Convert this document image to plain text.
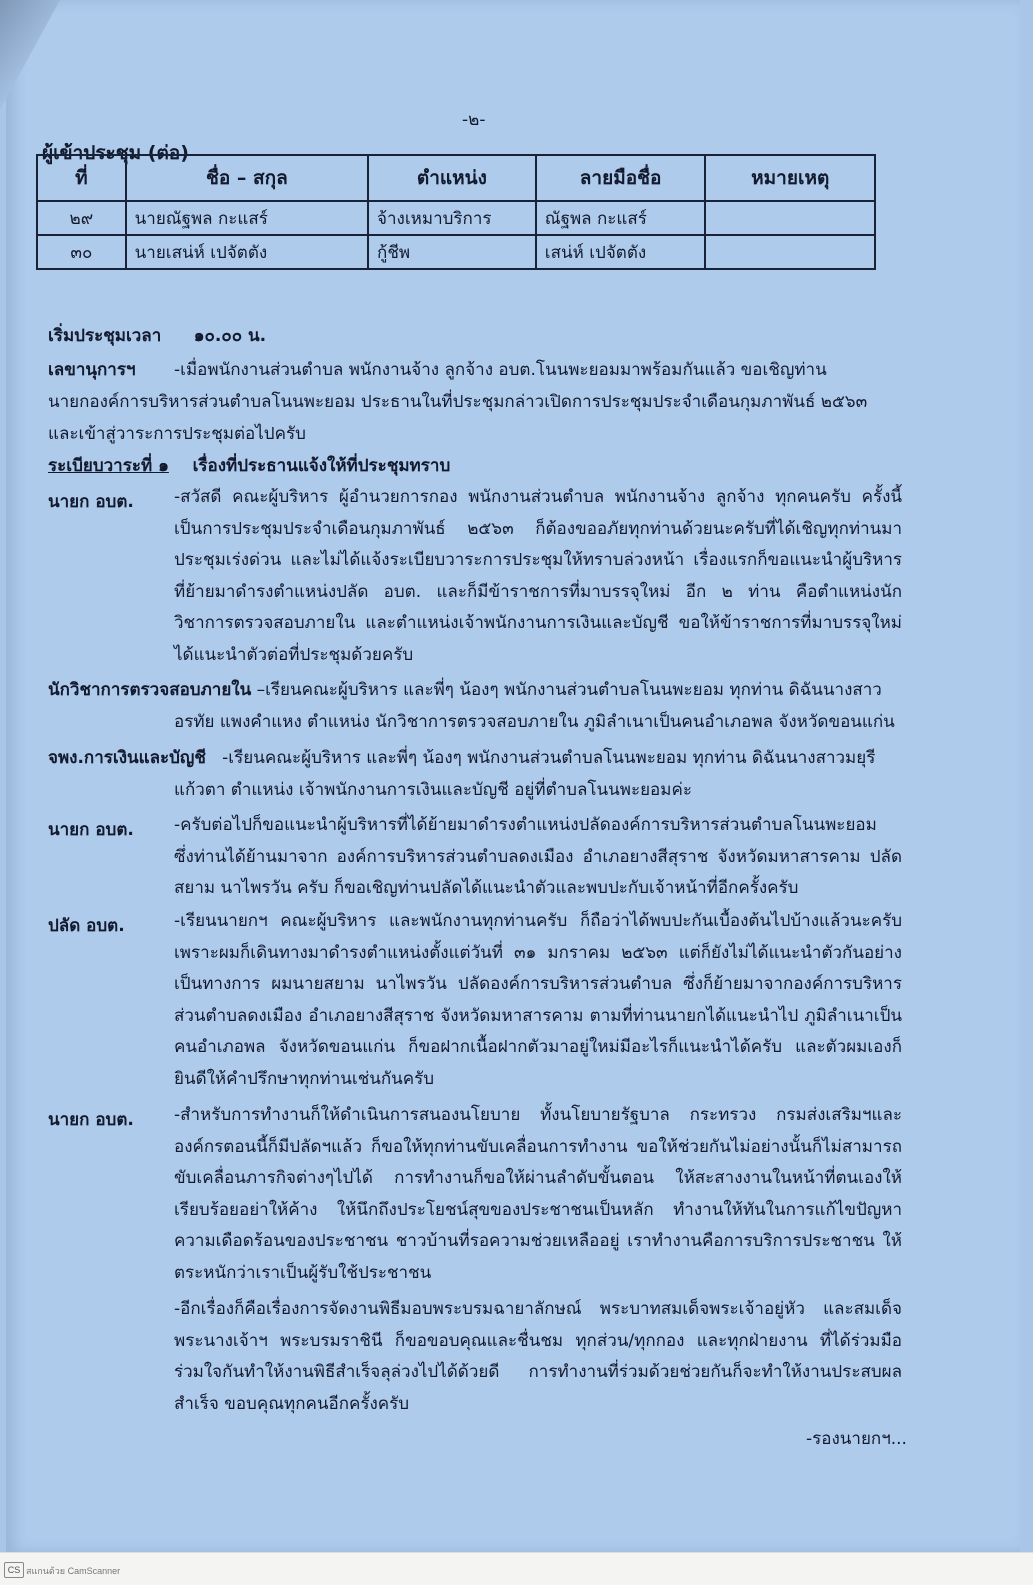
-๒-
ผู้เข้าประชุม (ต่อ)
ที่	ชื่อ – สกุล	ตำแหน่ง	ลายมือชื่อ	หมายเหตุ
๒๙	นายณัฐพล กะแสร์	จ้างเหมาบริการ	ณัฐพล กะแสร์	
๓๐	นายเสน่ห์ เปจัตตัง	กู้ชีพ	เสน่ห์ เปจัตตัง	
เริ่มประชุมเวลา ๑๐.๐๐ น.
เลขานุการฯ -เมื่อพนักงานส่วนตำบล พนักงานจ้าง ลูกจ้าง อบต.โนนพะยอมมาพร้อมกันแล้ว ขอเชิญท่าน
นายกองค์การบริหารส่วนตำบลโนนพะยอม ประธานในที่ประชุมกล่าวเปิดการประชุมประจำเดือนกุมภาพันธ์ ๒๕๖๓
และเข้าสู่วาระการประชุมต่อไปครับ
ระเบียบวาระที่ ๑ เรื่องที่ประธานแจ้งให้ที่ประชุมทราบ
นายก อบต. -สวัสดี คณะผู้บริหาร ผู้อำนวยการกอง พนักงานส่วนตำบล พนักงานจ้าง ลูกจ้าง ทุกคนครับ ครั้งนี้เป็นการประชุมประจำเดือนกุมภาพันธ์ ๒๕๖๓ ก็ต้องขออภัยทุกท่านด้วยนะครับที่ได้เชิญทุกท่านมาประชุมเร่งด่วน และไม่ได้แจ้งระเบียบวาระการประชุมให้ทราบล่วงหน้า เรื่องแรกก็ขอแนะนำผู้บริหารที่ย้ายมาดำรงตำแหน่งปลัด อบต. และก็มีข้าราชการที่มาบรรจุใหม่ อีก ๒ ท่าน คือตำแหน่งนักวิชาการตรวจสอบภายใน และตำแหน่งเจ้าพนักงานการเงินและบัญชี ขอให้ข้าราชการที่มาบรรจุใหม่ได้แนะนำตัวต่อที่ประชุมด้วยครับ
นักวิชาการตรวจสอบภายใน –เรียนคณะผู้บริหาร และพี่ๆ น้องๆ พนักงานส่วนตำบลโนนพะยอม ทุกท่าน ดิฉันนางสาว
อรทัย แพงคำแหง ตำแหน่ง นักวิชาการตรวจสอบภายใน ภูมิลำเนาเป็นคนอำเภอพล จังหวัดขอนแก่น
จพง.การเงินและบัญชี -เรียนคณะผู้บริหาร และพี่ๆ น้องๆ พนักงานส่วนตำบลโนนพะยอม ทุกท่าน ดิฉันนางสาวมยุรี
แก้วตา ตำแหน่ง เจ้าพนักงานการเงินและบัญชี อยู่ที่ตำบลโนนพะยอมค่ะ
นายก อบต. -ครับต่อไปก็ขอแนะนำผู้บริหารที่ได้ย้ายมาดำรงตำแหน่งปลัดองค์การบริหารส่วนตำบลโนนพะยอม ซึ่งท่านได้ย้านมาจาก องค์การบริหารส่วนตำบลดงเมือง อำเภอยางสีสุราช จังหวัดมหาสารคาม ปลัด สยาม นาไพรวัน ครับ ก็ขอเชิญท่านปลัดได้แนะนำตัวและพบปะกับเจ้าหน้าที่อีกครั้งครับ
ปลัด อบต.	-เรียนนายกฯ คณะผู้บริหาร และพนักงานทุกท่านครับ ก็ถือว่าได้พบปะกันเบื้องต้นไปบ้างแล้วนะครับ เพราะผมก็เดินทางมาดำรงตำแหน่งตั้งแต่วันที่ ๓๑ มกราคม ๒๕๖๓ แต่ก็ยังไม่ได้แนะนำตัวกันอย่างเป็นทางการ ผมนายสยาม นาไพรวัน ปลัดองค์การบริหารส่วนตำบล ซึ่งก็ย้ายมาจากองค์การบริหารส่วนตำบลดงเมือง อำเภอยางสีสุราช จังหวัดมหาสารคาม ตามที่ท่านนายกได้แนะนำไป ภูมิลำเนาเป็นคนอำเภอพล จังหวัดขอนแก่น ก็ขอฝากเนื้อฝากตัวมาอยู่ใหม่มีอะไรก็แนะนำได้ครับ และตัวผมเองก็ยินดีให้คำปรึกษาทุกท่านเช่นกันครับ
นายก อบต. -สำหรับการทำงานก็ให้ดำเนินการสนองนโยบาย ทั้งนโยบายรัฐบาล กระทรวง กรมส่งเสริมฯและองค์กรตอนนี้ก็มีปลัดฯแล้ว ก็ขอให้ทุกท่านขับเคลื่อนการทำงาน ขอให้ช่วยกันไม่อย่างนั้นก็ไม่สามารถขับเคลื่อนภารกิจต่างๆไปได้ การทำงานก็ขอให้ผ่านลำดับขั้นตอน ให้สะสางงานในหน้าที่ตนเองให้เรียบร้อยอย่าให้ค้าง ให้นึกถึงประโยชน์สุขของประชาชนเป็นหลัก ทำงานให้ทันในการแก้ไขปัญหาความเดือดร้อนของประชาชน ชาวบ้านที่รอความช่วยเหลืออยู่ เราทำงานคือการบริการประชาชน ให้ตระหนักว่าเราเป็นผู้รับใช้ประชาชน
-อีกเรื่องก็คือเรื่องการจัดงานพิธีมอบพระบรมฉายาลักษณ์ พระบาทสมเด็จพระเจ้าอยู่หัว และสมเด็จพระนางเจ้าฯ พระบรมราชินี ก็ขอขอบคุณและชื่นชม ทุกส่วน/ทุกกอง และทุกฝ่ายงาน ที่ได้ร่วมมือร่วมใจกันทำให้งานพิธีสำเร็จลุล่วงไปได้ด้วยดี การทำงานที่ร่วมด้วยช่วยกันก็จะทำให้งานประสบผลสำเร็จ ขอบคุณทุกคนอีกครั้งครับ
-รองนายกฯ...
CS สแกนด้วย CamScanner
